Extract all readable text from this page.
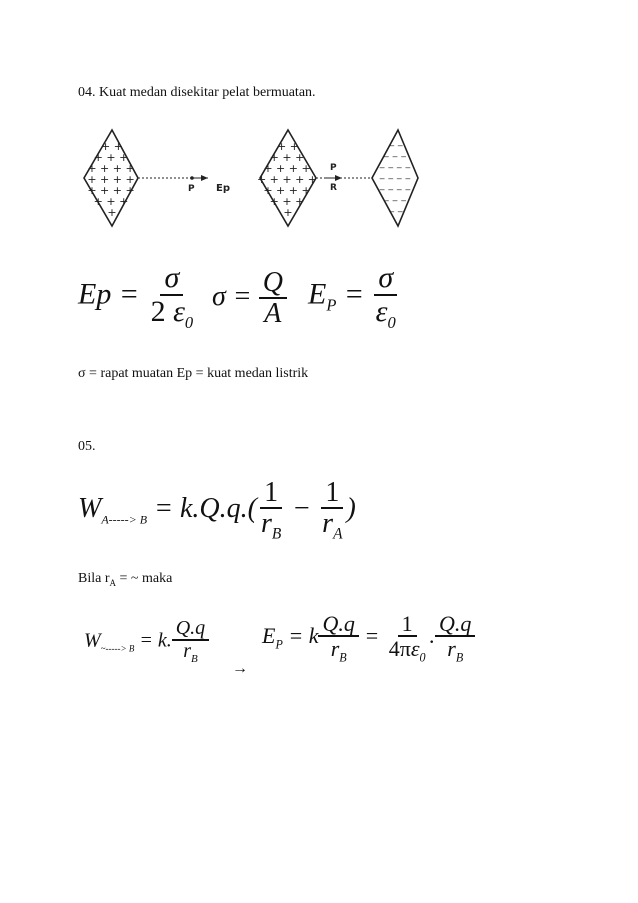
04. Kuat medan disekitar pelat bermuatan.
+ +
+ + +
+ + + +
+ + + +
+ + + +
+ + +
+
P Ep
+ +
+ + +
+ + + +
+ + + + +
+ + + +
+ + +
+
P
R
‒ ‒
‒ ‒ ‒
‒ ‒ ‒ ‒
‒ ‒ ‒ ‒
‒ ‒ ‒ ‒
‒ ‒ ‒
‒ ‒
$Ep = \frac{\sigma}{2 \varepsilon_0}$ $\sigma = \frac{Q}{A} E_P = \frac{\sigma}{\varepsilon_0}$
σ = rapat muatan Ep = kuat medan listrik
05.
$W_{A-----> B} = k.Q.q.( \frac{1}{r_B} - \frac{1}{r_A}$ )
Bila $r_A$ = ~ maka
$W_{\sim-----> B} = k$. $\frac{Q.q}{r_B}$
→
$E_P = k \frac{Q.q}{r_B} = \frac{1}{4\pi\varepsilon_0}$ . $\frac{Q.q}{r_B}$
